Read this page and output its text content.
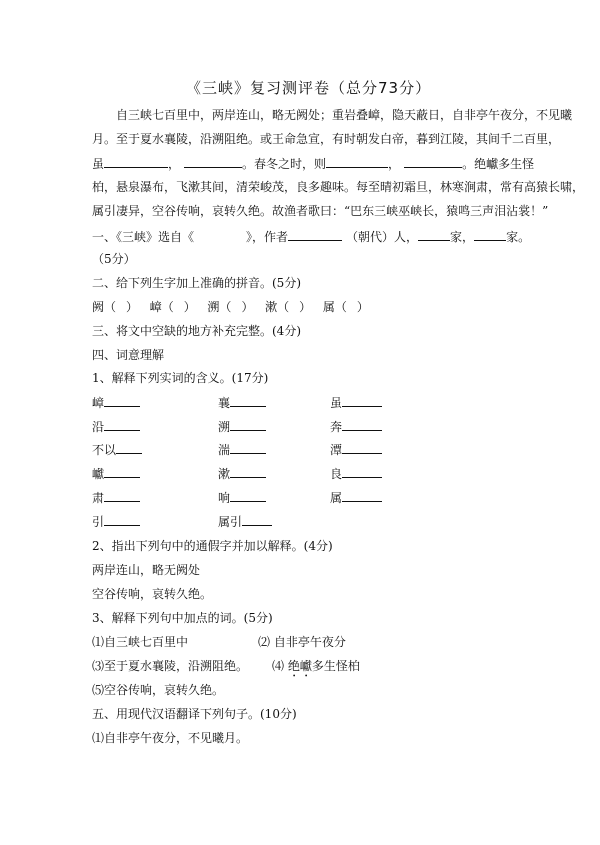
《三峡》复习测评卷（总分73分）
自三峡七百里中，两岸连山，略无阙处；重岩叠嶂，隐天蔽日，自非亭午夜分，不见曦
月。至于夏水襄陵，沿溯阻绝。或王命急宣，有时朝发白帝，暮到江陵，其间千二百里，
虽	，	。春冬之时，则	，	。绝巘多生怪
柏，悬泉瀑布，飞漱其间，清荣峻茂，良多趣味。每至晴初霜旦，林寒涧肃，常有高猿长啸，
属引凄异，空谷传响，哀转久绝。故渔者歌曰：“巴东三峡巫峡长，猿鸣三声泪沾裳！”
一、《三峡》选自《	》，作者	（朝代）人，	家，	家。
（5分）
二、给下列生字加上准确的拼音。(5分)
阙（ ） 嶂（ ） 溯（ ） 漱（ ） 属（ ）
三、将文中空缺的地方补充完整。(4分)
四、词意理解
1、解释下列实词的含义。(17分)
嶂	襄	虽
沿	溯	奔
不以	湍	潭
巘	漱	良
肃	响	属
引	属引
2、指出下列句中的通假字并加以解释。(4分)
两岸连山，略无阙处
空谷传响，哀转久绝。
3、解释下列句中加点的词。(5分)
⑴自三峡七百里中	⑵ 自非亭午夜分
⑶至于夏水襄陵，沿溯阻绝。 ⑷ 绝巘多生怪柏
⑸空谷传响，哀转久绝。
五、用现代汉语翻译下列句子。(10分)
⑴自非亭午夜分，不见曦月。
